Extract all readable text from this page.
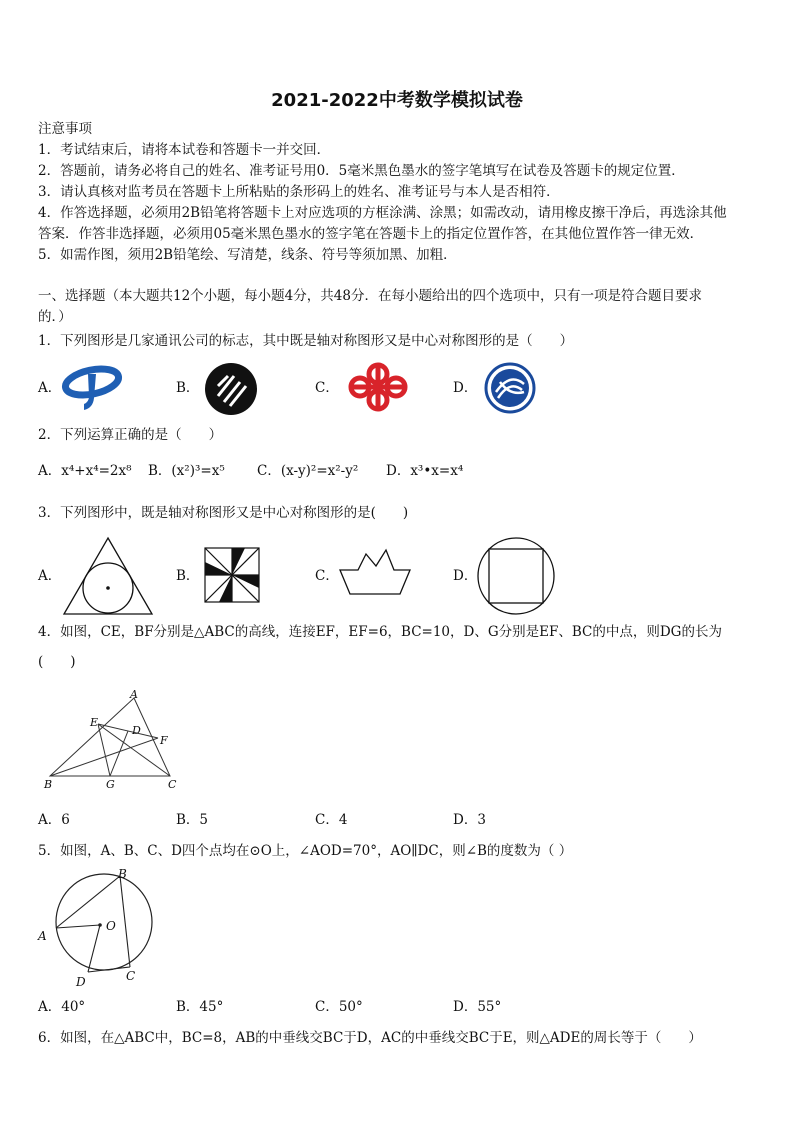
2021-2022中考数学模拟试卷
注意事项
1．考试结束后，请将本试卷和答题卡一并交回．
2．答题前，请务必将自己的姓名、准考证号用0．5毫米黑色墨水的签字笔填写在试卷及答题卡的规定位置．
3．请认真核对监考员在答题卡上所粘贴的条形码上的姓名、准考证号与本人是否相符．
4．作答选择题，必须用2B铅笔将答题卡上对应选项的方框涂满、涂黑；如需改动，请用橡皮擦干净后，再选涂其他
答案．作答非选择题，必须用05毫米黑色墨水的签字笔在答题卡上的指定位置作答，在其他位置作答一律无效．
5．如需作图，须用2B铅笔绘、写清楚，线条、符号等须加黑、加粗．
一、选择题（本大题共12个小题，每小题4分，共48分．在每小题给出的四个选项中，只有一项是符合题目要求
的．）
1．下列图形是几家通讯公司的标志，其中既是轴对称图形又是中心对称图形的是（　　）
A．	B．	C．	D．
2．下列运算正确的是（　　）
A．x⁴+x⁴=2x⁸ B．(x²)³=x⁵ C．(x-y)²=x²-y² D．x³•x=x⁴
3．下列图形中，既是轴对称图形又是中心对称图形的是(　　)
A．	B．	C．	D．
4．如图，CE，BF分别是△ABC的高线，连接EF，EF=6，BC=10，D、G分别是EF、BC的中点，则DG的长为
(　　)
A
E
D
F
B	G	C
A．6	B．5	C．4	D．3
5．如图，A、B、C、D四个点均在⊙O上，∠AOD=70°，AO∥DC，则∠B的度数为（ ）
B
A
O
D	C
A．40°	B．45°	C．50°	D．55°
6．如图，在△ABC中，BC=8，AB的中垂线交BC于D，AC的中垂线交BC于E，则△ADE的周长等于（　　）
